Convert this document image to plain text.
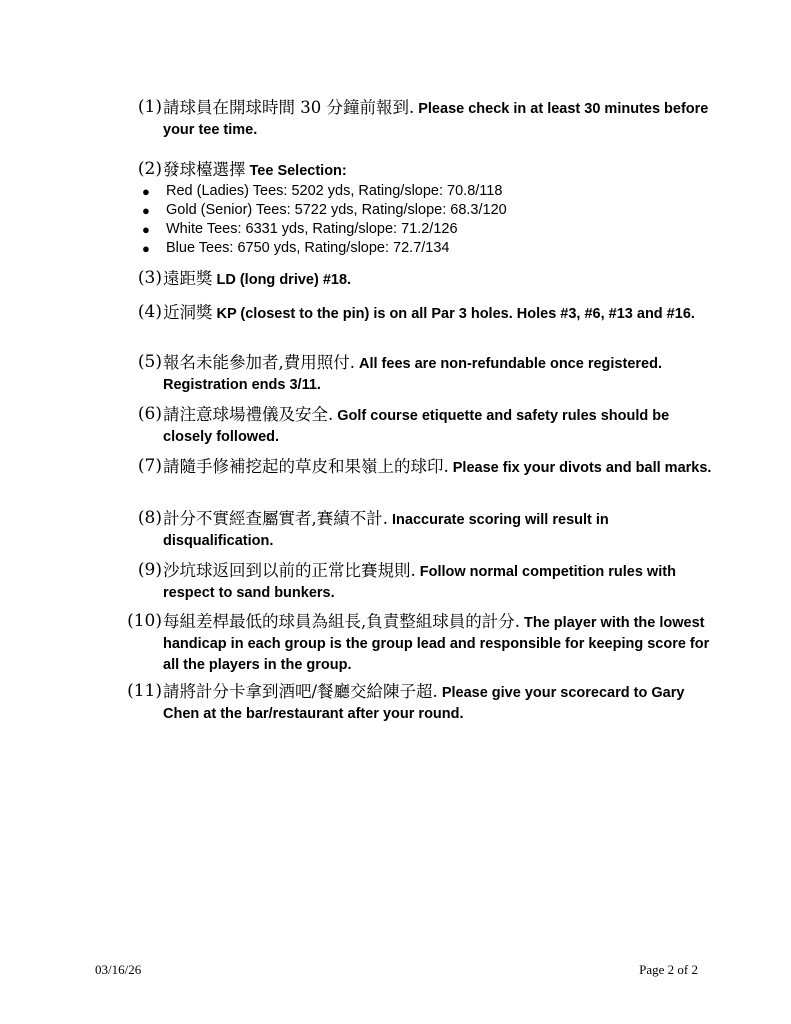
(1) 請球員在開球時間 30 分鐘前報到. Please check in at least 30 minutes before your tee time.
(2) 發球檯選擇 Tee Selection:
● Red (Ladies) Tees: 5202 yds, Rating/slope: 70.8/118
● Gold (Senior) Tees: 5722 yds, Rating/slope: 68.3/120
● White Tees: 6331 yds, Rating/slope: 71.2/126
● Blue Tees: 6750 yds, Rating/slope: 72.7/134
(3) 遠距獎 LD (long drive) #18.
(4) 近洞獎 KP (closest to the pin) is on all Par 3 holes. Holes #3, #6, #13 and #16.
(5) 報名未能參加者,費用照付. All fees are non-refundable once registered. Registration ends 3/11.
(6) 請注意球場禮儀及安全. Golf course etiquette and safety rules should be closely followed.
(7) 請隨手修補挖起的草皮和果嶺上的球印. Please fix your divots and ball marks.
(8) 計分不實經查屬實者,賽績不計. Inaccurate scoring will result in disqualification.
(9) 沙坑球返回到以前的正常比賽規則. Follow normal competition rules with respect to sand bunkers.
(10) 每組差桿最低的球員為組長,負責整組球員的計分. The player with the lowest handicap in each group is the group lead and responsible for keeping score for all the players in the group.
(11) 請將計分卡拿到酒吧/餐廳交給陳子超. Please give your scorecard to Gary Chen at the bar/restaurant after your round.
03/16/26	Page 2 of 2
